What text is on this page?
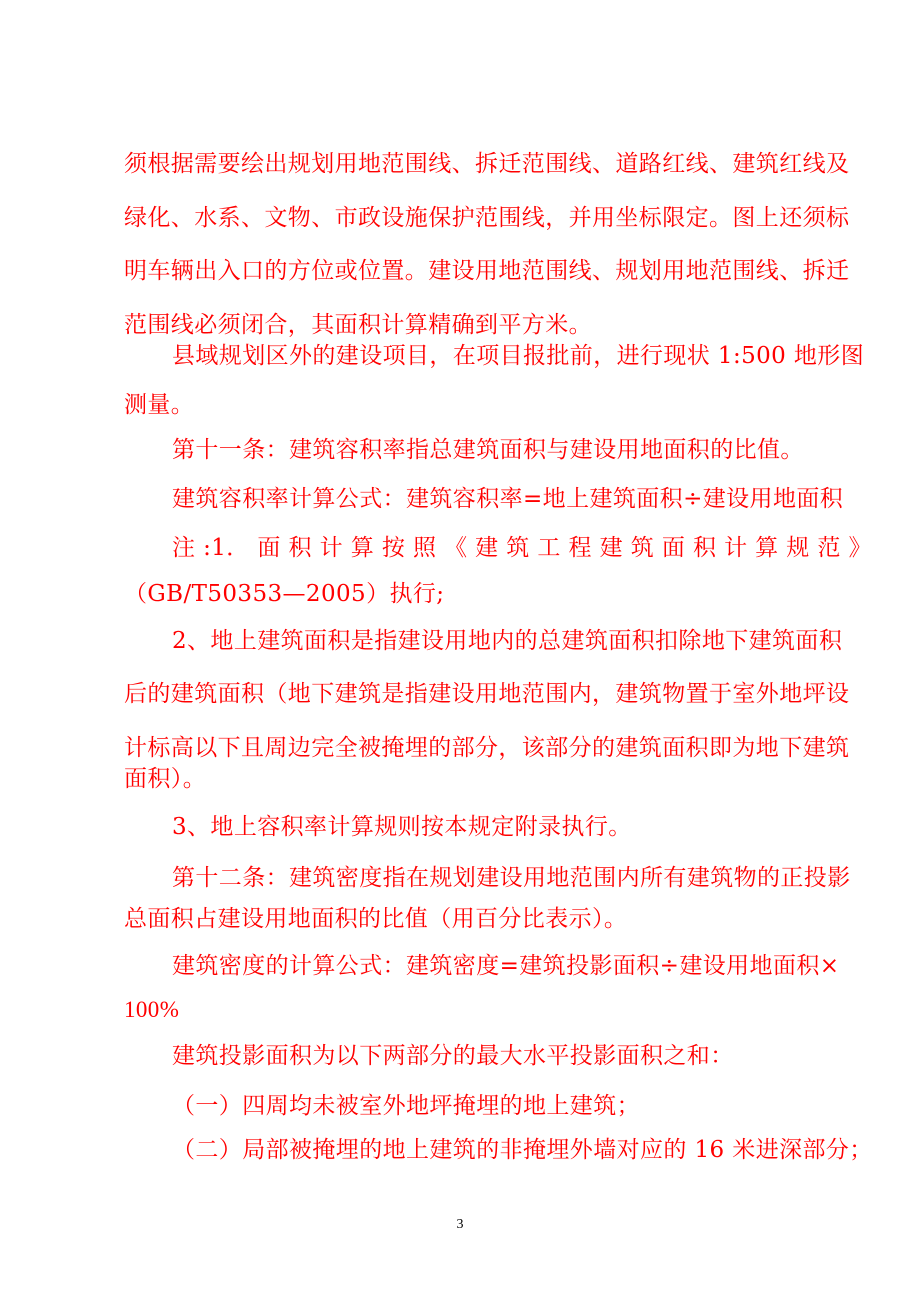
须根据需要绘出规划用地范围线、拆迁范围线、道路红线、建筑红线及
绿化、水系、文物、市政设施保护范围线，并用坐标限定。图上还须标
明车辆出入口的方位或位置。建设用地范围线、规划用地范围线、拆迁
范围线必须闭合，其面积计算精确到平方米。
县域规划区外的建设项目，在项目报批前，进行现状 1:500 地形图
测量。
第十一条：建筑容积率指总建筑面积与建设用地面积的比值。
建筑容积率计算公式：建筑容积率=地上建筑面积÷建设用地面积
注 :1． 面 积 计 算 按 照 《 建 筑 工 程 建 筑 面 积 计 算 规 范 》
（GB/T50353—2005）执行;
2、地上建筑面积是指建设用地内的总建筑面积扣除地下建筑面积
后的建筑面积（地下建筑是指建设用地范围内，建筑物置于室外地坪设
计标高以下且周边完全被掩埋的部分，该部分的建筑面积即为地下建筑
面积）。
3、地上容积率计算规则按本规定附录执行。
第十二条：建筑密度指在规划建设用地范围内所有建筑物的正投影
总面积占建设用地面积的比值（用百分比表示）。
建筑密度的计算公式：建筑密度=建筑投影面积÷建设用地面积×
100%
建筑投影面积为以下两部分的最大水平投影面积之和：
（一）四周均未被室外地坪掩埋的地上建筑；
（二）局部被掩埋的地上建筑的非掩埋外墙对应的 16 米进深部分；
3
